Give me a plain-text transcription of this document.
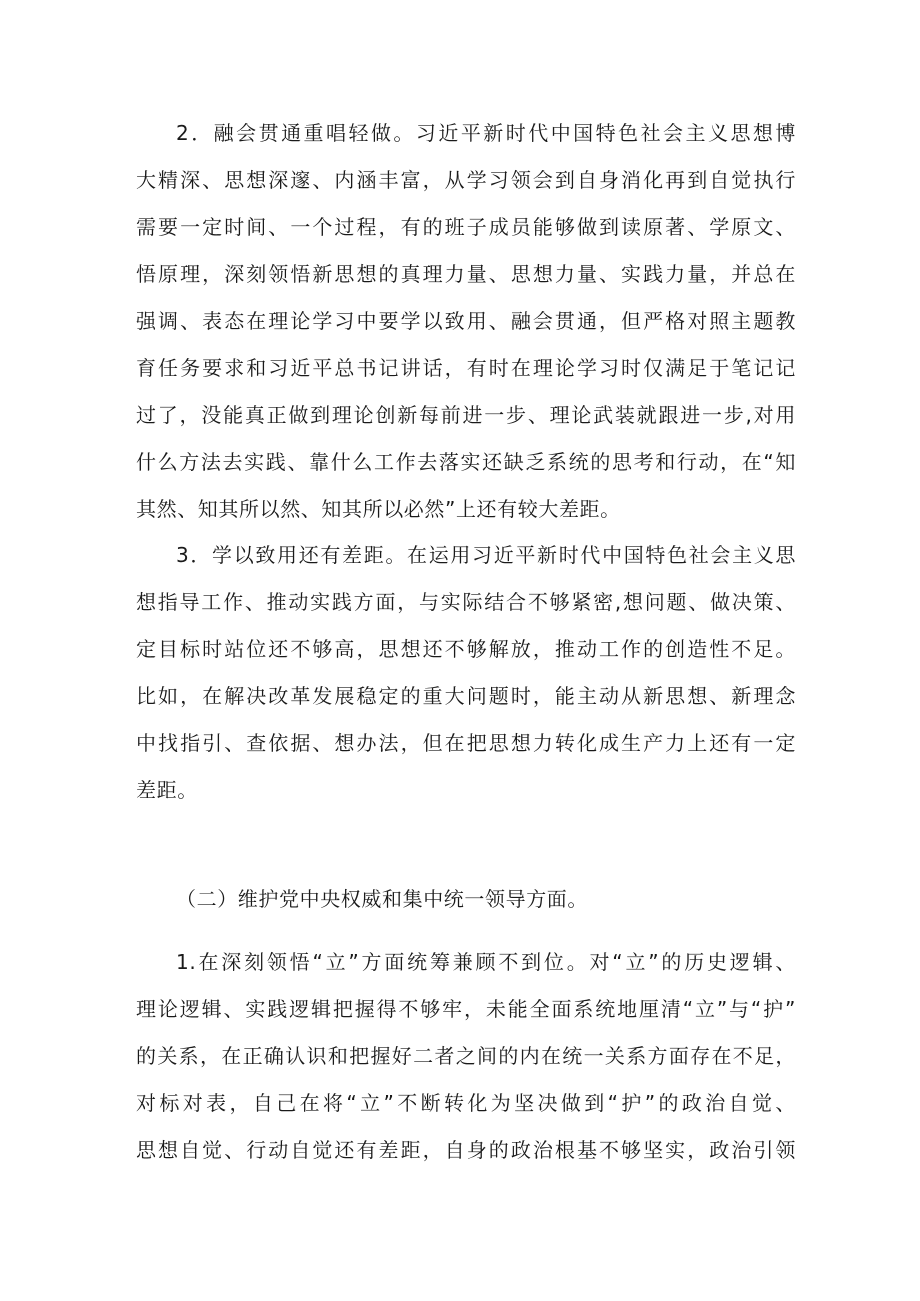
2．融会贯通重唱轻做。习近平新时代中国特色社会主义思想博
大精深、思想深邃、内涵丰富，从学习领会到自身消化再到自觉执行
需要一定时间、一个过程，有的班子成员能够做到读原著、学原文、
悟原理，深刻领悟新思想的真理力量、思想力量、实践力量，并总在
强调、表态在理论学习中要学以致用、融会贯通，但严格对照主题教
育任务要求和习近平总书记讲话，有时在理论学习时仅满足于笔记记
过了，没能真正做到理论创新每前进一步、理论武装就跟进一步,对用
什么方法去实践、靠什么工作去落实还缺乏系统的思考和行动，在“知
其然、知其所以然、知其所以必然”上还有较大差距。
3．学以致用还有差距。在运用习近平新时代中国特色社会主义思
想指导工作、推动实践方面，与实际结合不够紧密,想问题、做决策、
定目标时站位还不够高，思想还不够解放，推动工作的创造性不足。
比如，在解决改革发展稳定的重大问题时，能主动从新思想、新理念
中找指引、查依据、想办法，但在把思想力转化成生产力上还有一定
差距。
（二）维护党中央权威和集中统一领导方面。
1.在深刻领悟“立”方面统筹兼顾不到位。对“立”的历史逻辑、
理论逻辑、实践逻辑把握得不够牢，未能全面系统地厘清“立”与“护”
的关系，在正确认识和把握好二者之间的内在统一关系方面存在不足，
对标对表，自己在将“立”不断转化为坚决做到“护”的政治自觉、
思想自觉、行动自觉还有差距，自身的政治根基不够坚实，政治引领
